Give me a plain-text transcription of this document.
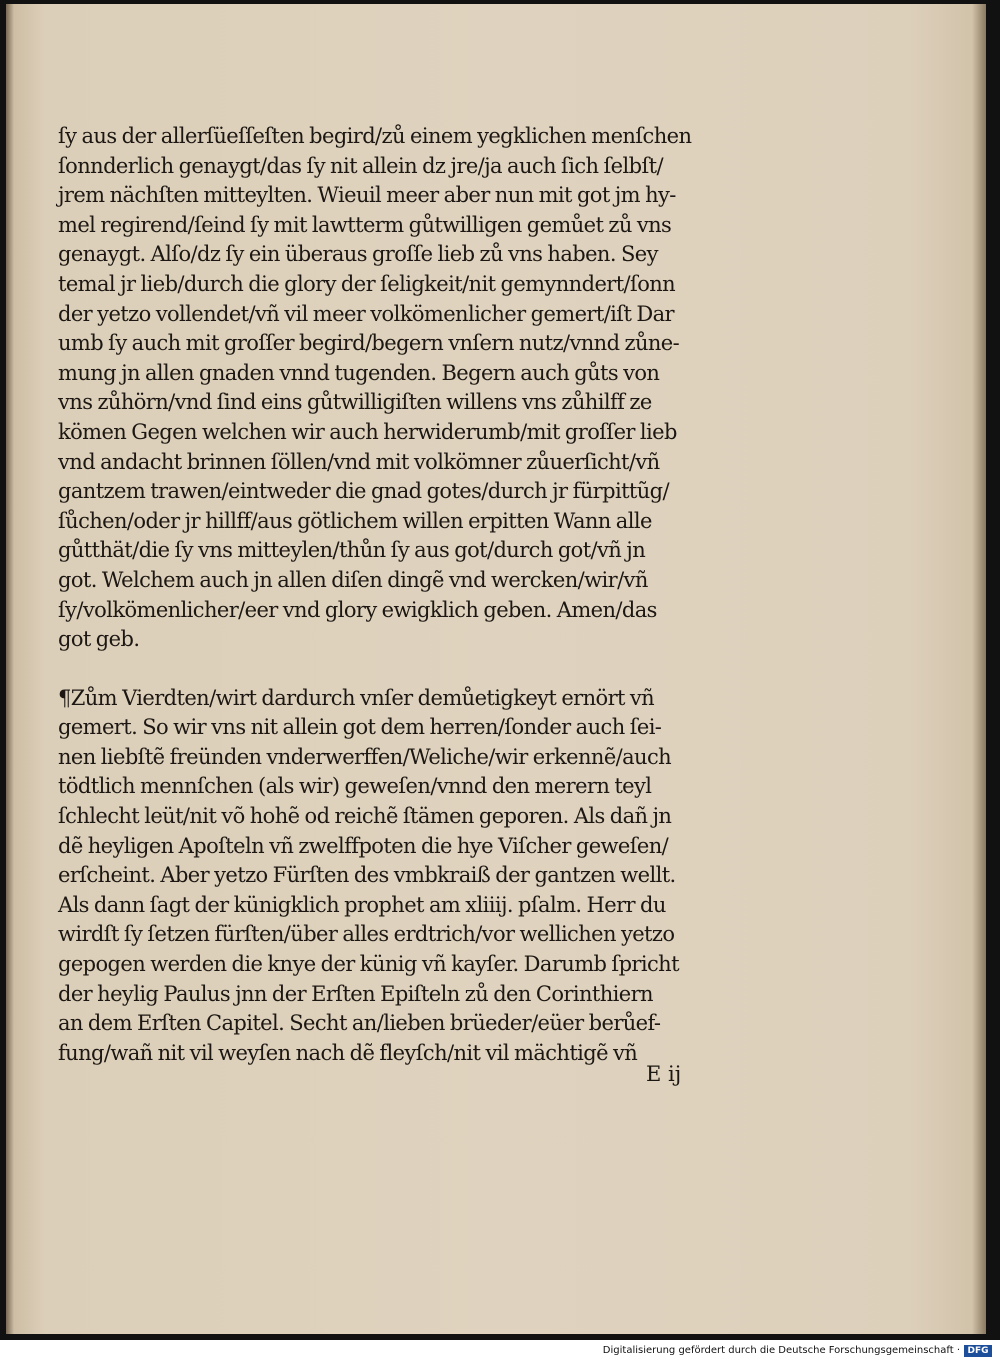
ſy aus der allerſüeſſeſten begird/zů einem yegklichen menſchen
ſonnderlich genaygt/das ſy nit allein dz jre/ja auch ſich ſelbſt/
jrem nächſten mitteylten. Wieuil meer aber nun mit got jm hy-
mel regirend/ſeind ſy mit lawtterm gůtwilligen gemůet zů vns
genaygt. Alſo/dz ſy ein überaus groſſe lieb zů vns haben. Sey
temal jr lieb/durch die glory der ſeligkeit/nit gemynndert/ſonn
der yetzo vollendet/vñ vil meer volkömenlicher gemert/iſt Dar
umb ſy auch mit groſſer begird/begern vnſern nutz/vnnd zůne-
mung jn allen gnaden vnnd tugenden. Begern auch gůts von
vns zůhörn/vnd ſind eins gůtwilligiſten willens vns zůhilff ze
kömen Gegen welchen wir auch herwiderumb/mit groſſer lieb
vnd andacht brinnen ſöllen/vnd mit volkömner zůuerſicht/vñ
gantzem trawen/eintweder die gnad gotes/durch jr fürpittũg/
ſůchen/oder jr hillff/aus götlichem willen erpitten Wann alle
gůtthät/die ſy vns mitteylen/thůn ſy aus got/durch got/vñ jn
got. Welchem auch jn allen diſen dingẽ vnd wercken/wir/vñ
ſy/volkömenlicher/eer vnd glory ewigklich geben. Amen/das
got geb.
¶Zům Vierdten/wirt dardurch vnſer demůetigkeyt ernört vñ
gemert. So wir vns nit allein got dem herren/ſonder auch ſei-
nen liebſtẽ freünden vnderwerffen/Weliche/wir erkennẽ/auch
tödtlich mennſchen (als wir) geweſen/vnnd den merern teyl
ſchlecht leüt/nit võ hohẽ od reichẽ ſtämen geporen. Als dañ jn
dẽ heyligen Apoſteln vñ zwelffpoten die hye Viſcher geweſen/
erſcheint. Aber yetzo Fürſten des vmbkraiß der gantzen wellt.
Als dann ſagt der künigklich prophet am xliiij. pſalm. Herr du
wirdſt ſy ſetzen fürſten/über alles erdtrich/vor wellichen yetzo
gepogen werden die knye der künig vñ kayſer. Darumb ſpricht
der heylig Paulus jnn der Erſten Epiſteln zů den Corinthiern
an dem Erſten Capitel. Secht an/lieben brüeder/eüer berůef-
fung/wañ nit vil weyſen nach dẽ fleyſch/nit vil mächtigẽ vñ
E ij
Digitalisierung gefördert durch die Deutsche Forschungsgemeinschaft · DFG
